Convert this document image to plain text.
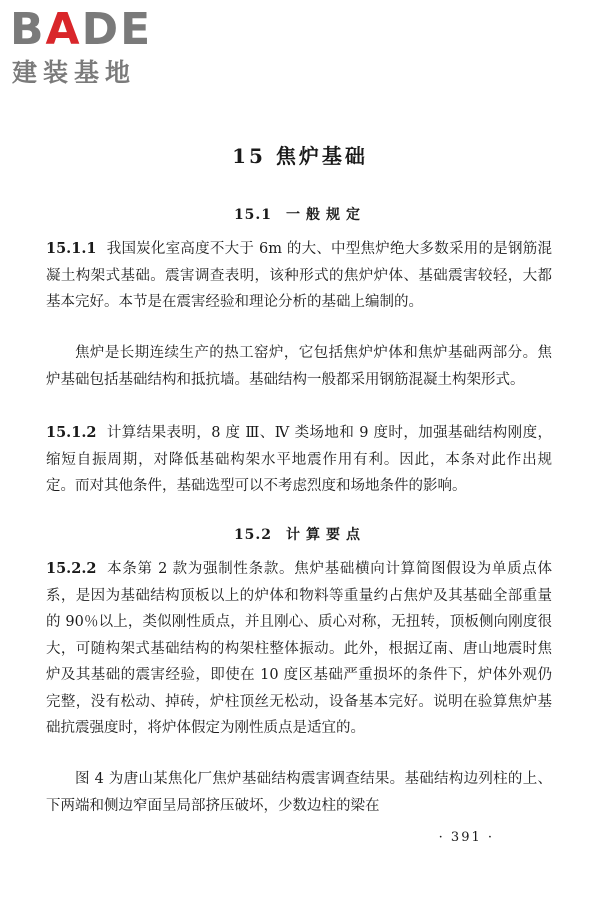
BADE
建装基地
15 焦炉基础
15.1 一般规定

15.1.1 我国炭化室高度不大于 6m 的大、中型焦炉绝大多数采用的是钢筋混凝土构架式基础。震害调查表明，该种形式的焦炉炉体、基础震害较轻，大都基本完好。本节是在震害经验和理论分析的基础上编制的。

焦炉是长期连续生产的热工窑炉，它包括焦炉炉体和焦炉基础两部分。焦炉基础包括基础结构和抵抗墙。基础结构一般都采用钢筋混凝土构架形式。

15.1.2 计算结果表明，8 度 Ⅲ、Ⅳ 类场地和 9 度时，加强基础结构刚度，缩短自振周期，对降低基础构架水平地震作用有利。因此，本条对此作出规定。而对其他条件，基础选型可以不考虑烈度和场地条件的影响。

15.2 计算要点

15.2.2 本条第 2 款为强制性条款。焦炉基础横向计算简图假设为单质点体系，是因为基础结构顶板以上的炉体和物料等重量约占焦炉及其基础全部重量的 90％以上，类似刚性质点，并且刚心、质心对称，无扭转，顶板侧向刚度很大，可随构架式基础结构的构架柱整体振动。此外，根据辽南、唐山地震时焦炉及其基础的震害经验，即使在 10 度区基础严重损坏的条件下，炉体外观仍完整，没有松动、掉砖，炉柱顶丝无松动，设备基本完好。说明在验算焦炉基础抗震强度时，将炉体假定为刚性质点是适宜的。

图 4 为唐山某焦化厂焦炉基础结构震害调查结果。基础结构边列柱的上、下两端和侧边窄面呈局部挤压破坏，少数边柱的梁在

· 391 ·
